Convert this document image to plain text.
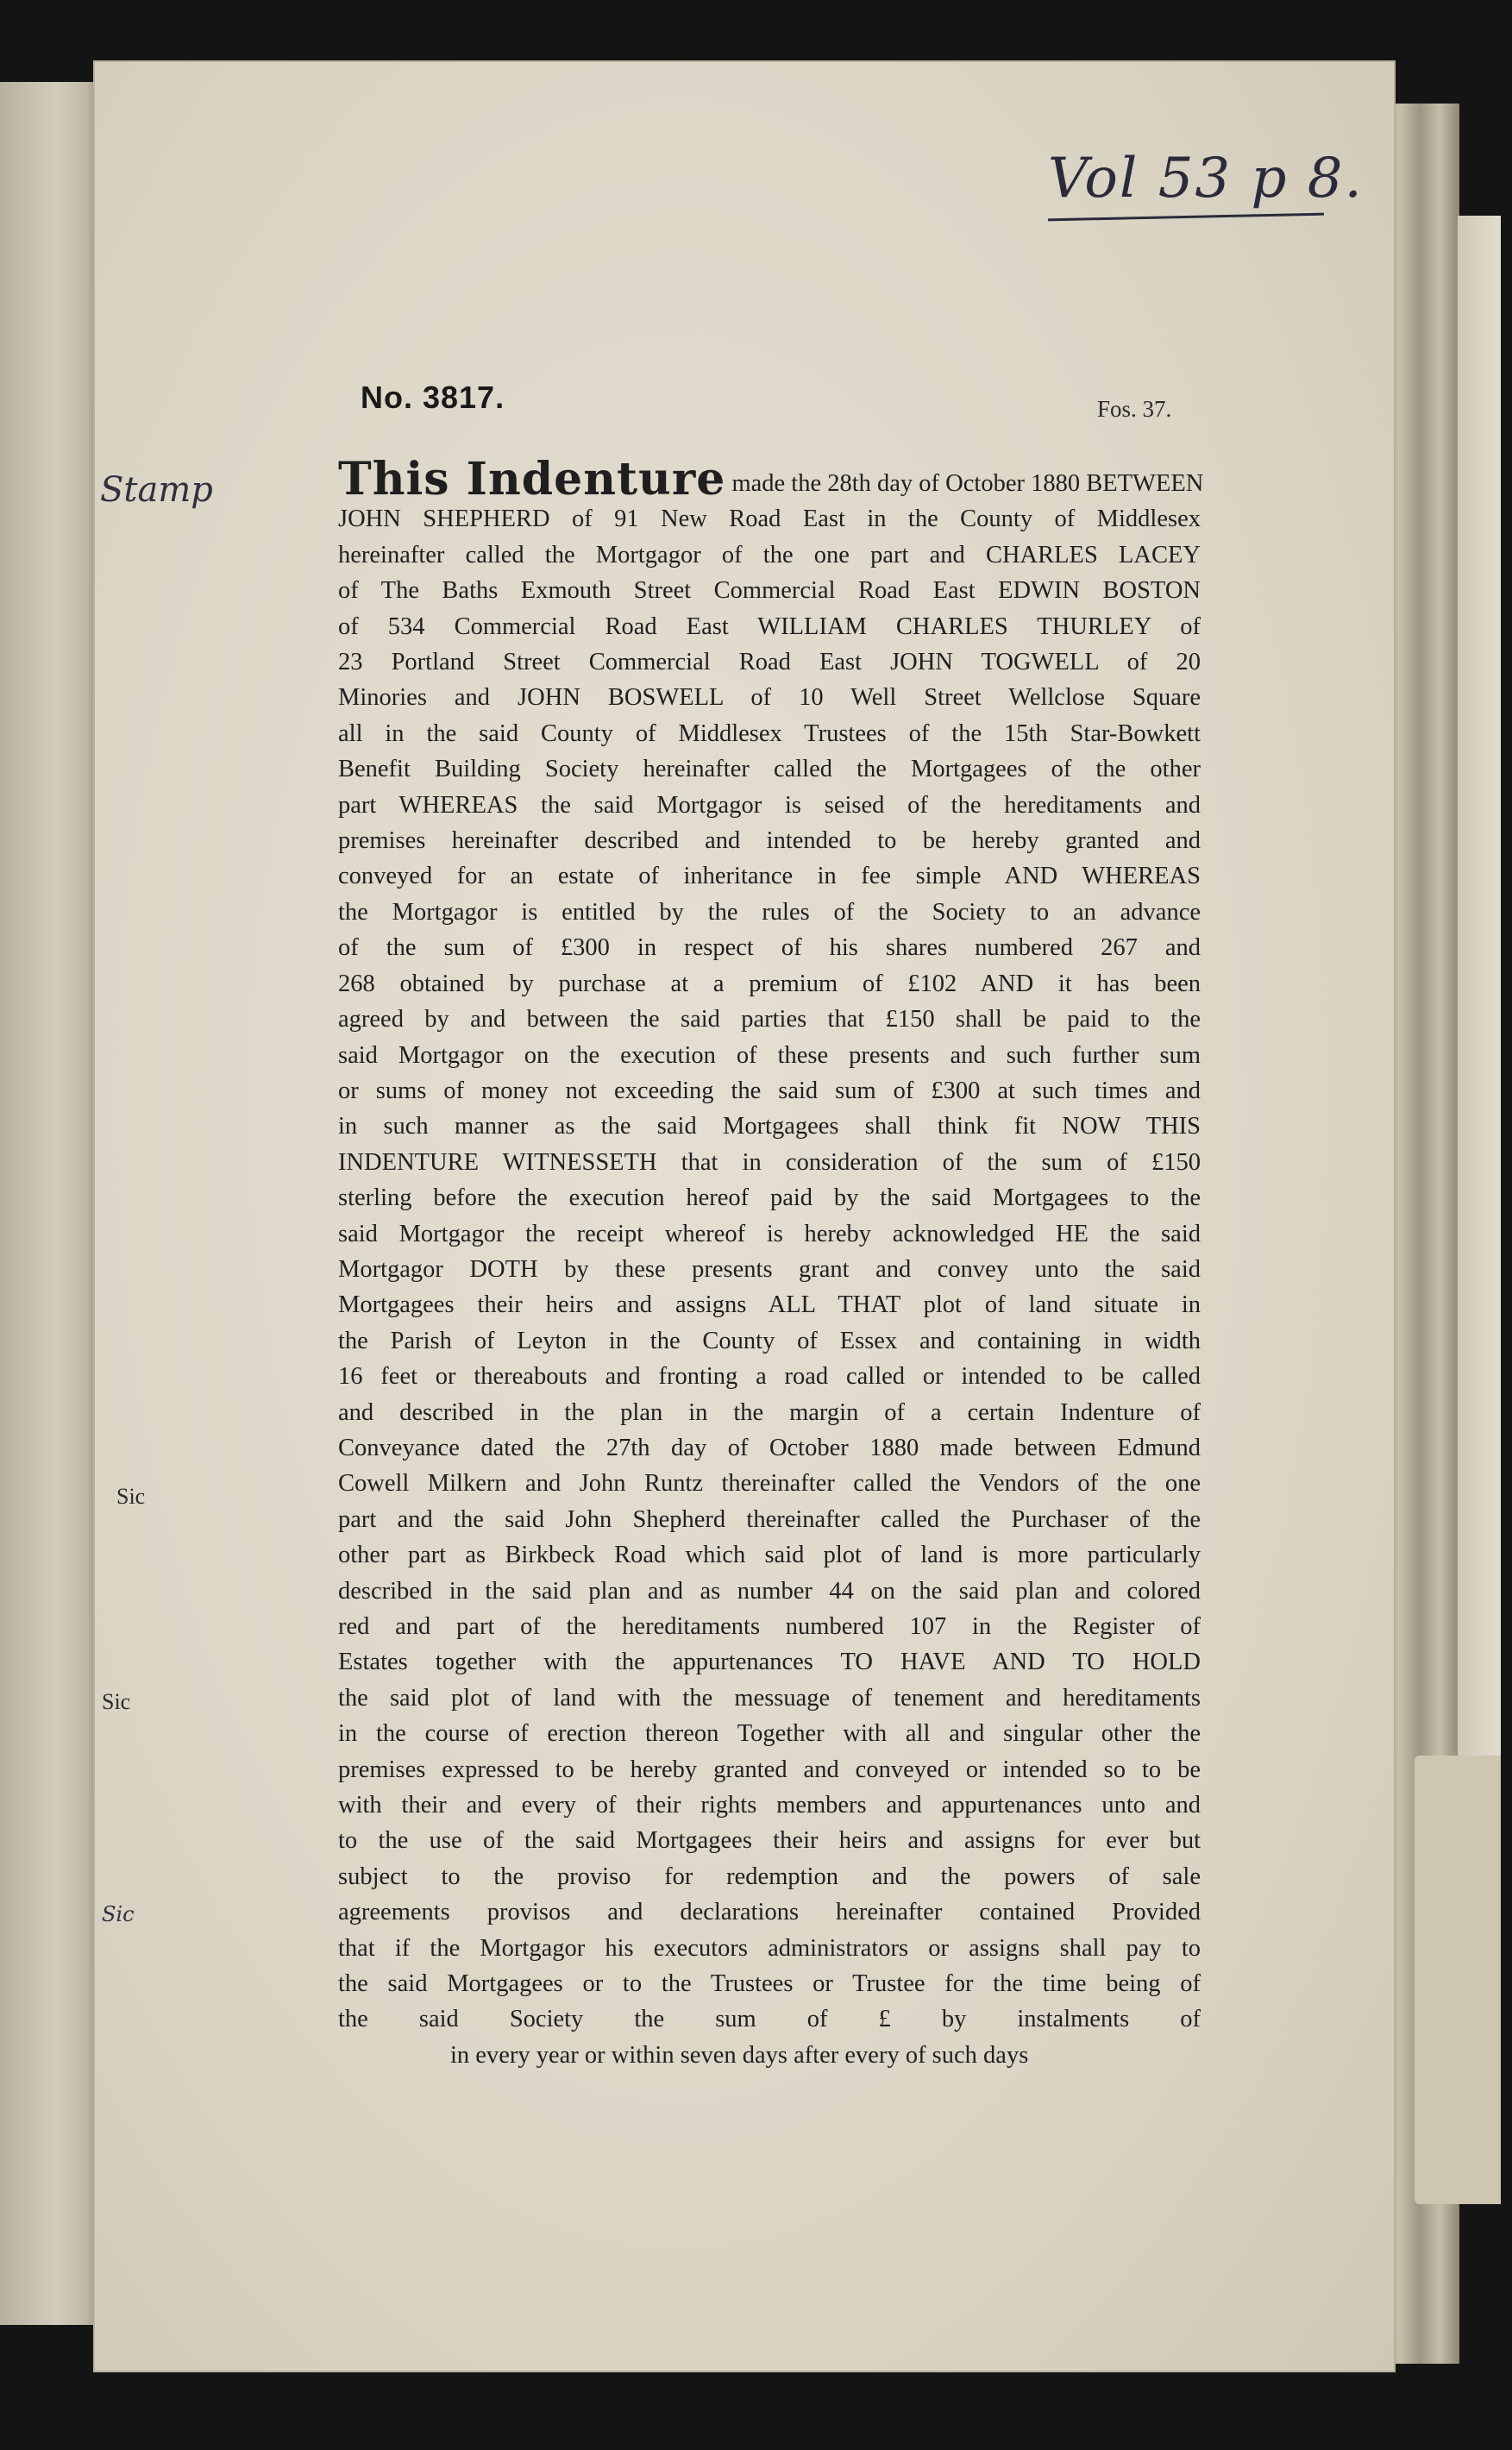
Vol 53 p 8.
No. 3817.	Fos. 37.
Stamp
Sic
Sic
Sic
This Indenture made the 28th day of October 1880 BETWEEN
JOHN SHEPHERD of 91 New Road East in the County of Middlesex
hereinafter called the Mortgagor of the one part and CHARLES LACEY
of The Baths Exmouth Street Commercial Road East EDWIN BOSTON
of 534 Commercial Road East WILLIAM CHARLES THURLEY of
23 Portland Street Commercial Road East JOHN TOGWELL of 20
Minories and JOHN BOSWELL of 10 Well Street Wellclose Square
all in the said County of Middlesex Trustees of the 15th Star-Bowkett
Benefit Building Society hereinafter called the Mortgagees of the other
part WHEREAS the said Mortgagor is seised of the hereditaments and
premises hereinafter described and intended to be hereby granted and
conveyed for an estate of inheritance in fee simple AND WHEREAS
the Mortgagor is entitled by the rules of the Society to an advance
of the sum of £300 in respect of his shares numbered 267 and
268 obtained by purchase at a premium of £102 AND it has been
agreed by and between the said parties that £150 shall be paid to the
said Mortgagor on the execution of these presents and such further sum
or sums of money not exceeding the said sum of £300 at such times and
in such manner as the said Mortgagees shall think fit NOW THIS
INDENTURE WITNESSETH that in consideration of the sum of £150
sterling before the execution hereof paid by the said Mortgagees to the
said Mortgagor the receipt whereof is hereby acknowledged HE the said
Mortgagor DOTH by these presents grant and convey unto the said
Mortgagees their heirs and assigns ALL THAT plot of land situate in
the Parish of Leyton in the County of Essex and containing in width
16 feet or thereabouts and fronting a road called or intended to be called
and described in the plan in the margin of a certain Indenture of
Conveyance dated the 27th day of October 1880 made between Edmund
Cowell Milkern and John Runtz thereinafter called the Vendors of the one
part and the said John Shepherd thereinafter called the Purchaser of the
other part as Birkbeck Road which said plot of land is more particularly
described in the said plan and as number 44 on the said plan and colored
red and part of the hereditaments numbered 107 in the Register of
Estates together with the appurtenances TO HAVE AND TO HOLD
the said plot of land with the messuage of tenement and hereditaments
in the course of erection thereon Together with all and singular other the
premises expressed to be hereby granted and conveyed or intended so to be
with their and every of their rights members and appurtenances unto and
to the use of the said Mortgagees their heirs and assigns for ever but
subject to the proviso for redemption and the powers of sale
agreements provisos and declarations hereinafter contained Provided
that if the Mortgagor his executors administrators or assigns shall pay to
the said Mortgagees or to the Trustees or Trustee for the time being of
the said Society the sum of £ by instalments of
in every year or within seven days after every of such days
